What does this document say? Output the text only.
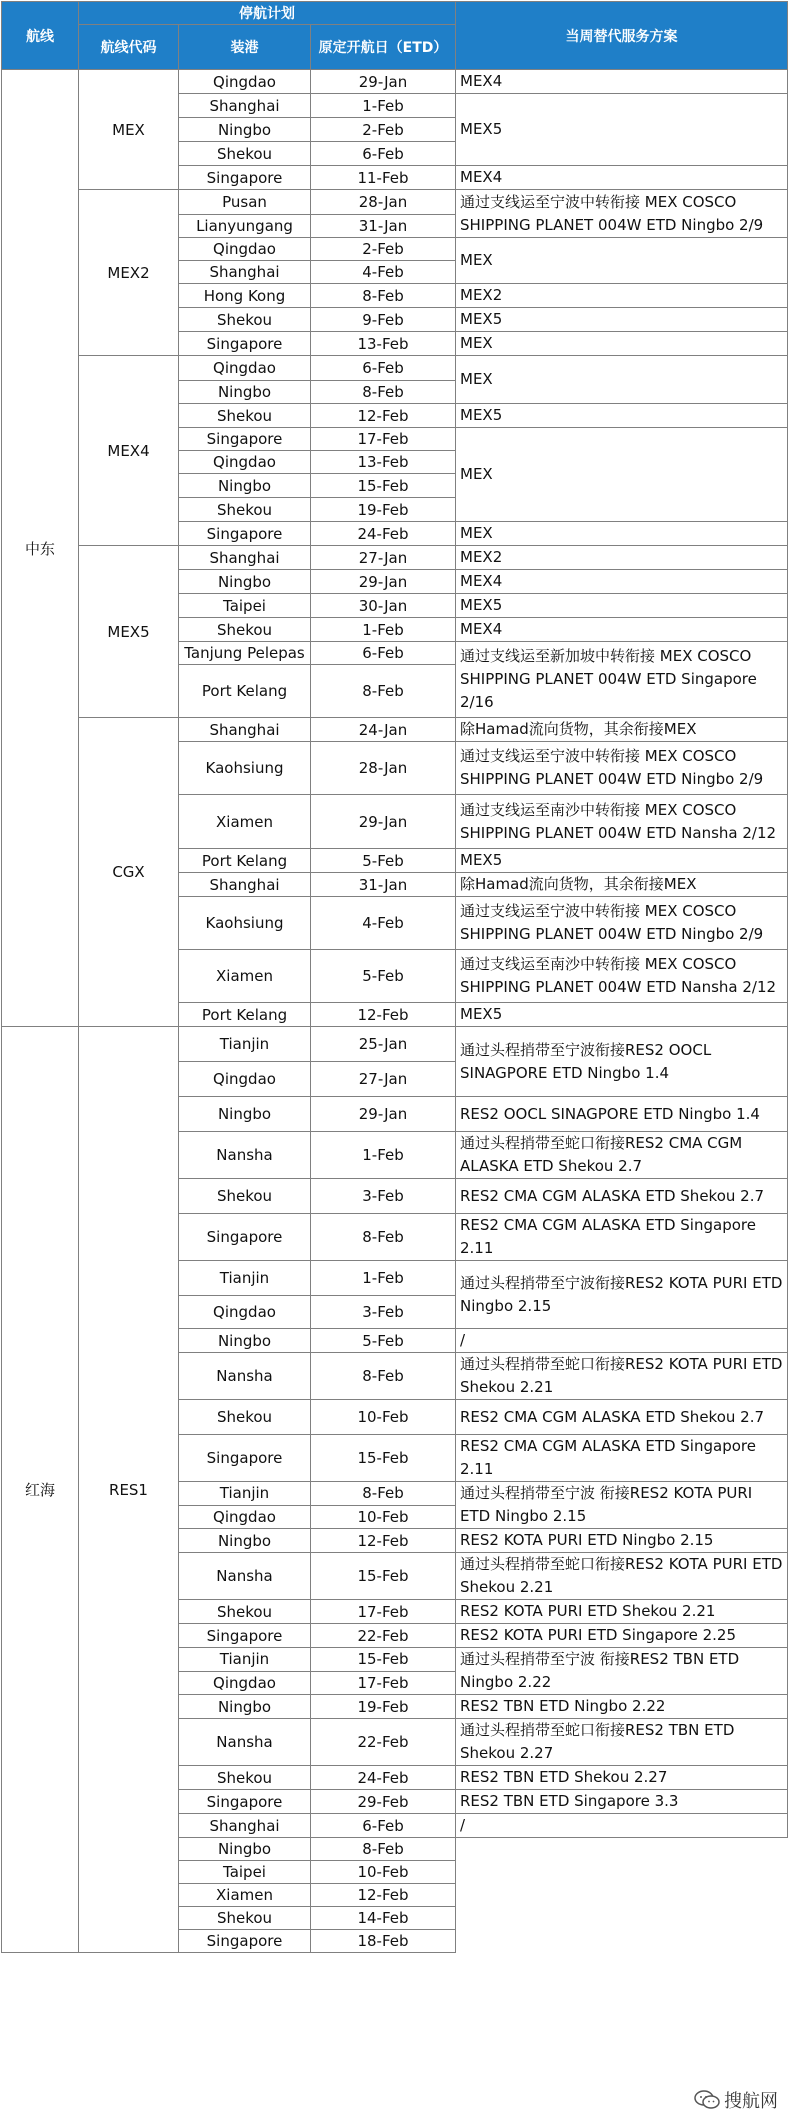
航线	停航计划			当周替代服务方案	
	航线代码	装港	原定开航日（ETD）		
中东	MEX	Qingdao	29-Jan	MEX4	
		Shanghai	1-Feb	MEX5	
		Ningbo	2-Feb		
		Shekou	6-Feb		
		Singapore	11-Feb	MEX4	
	MEX2	Pusan	28-Jan	通过支线运至宁波中转衔接 MEX COSCO SHIPPING PLANET 004W ETD Ningbo 2/9	
		Lianyungang	31-Jan		
		Qingdao	2-Feb	MEX	
		Shanghai	4-Feb		
		Hong Kong	8-Feb	MEX2	
		Shekou	9-Feb	MEX5	
		Singapore	13-Feb	MEX	
	MEX4	Qingdao	6-Feb	MEX	
		Ningbo	8-Feb		
		Shekou	12-Feb	MEX5	
		Singapore	17-Feb	MEX	
		Qingdao	13-Feb		
		Ningbo	15-Feb		
		Shekou	19-Feb	
		Singapore	24-Feb	MEX	
	MEX5	Shanghai	27-Jan	MEX2	
		Ningbo	29-Jan	MEX4	
		Taipei	30-Jan	MEX5	
		Shekou	1-Feb	MEX4	
		Tanjung Pelepas	6-Feb	通过支线运至新加坡中转衔接 MEX COSCO SHIPPING PLANET 004W ETD Singapore 2/16	
		Port Kelang	8-Feb		
	CGX	Shanghai	24-Jan	除Hamad流向货物，其余衔接MEX	
		Kaohsiung	28-Jan	通过支线运至宁波中转衔接 MEX COSCO SHIPPING PLANET 004W ETD Ningbo 2/9	
		Xiamen	29-Jan	通过支线运至南沙中转衔接 MEX COSCO SHIPPING PLANET 004W ETD Nansha 2/12	
		Port Kelang	5-Feb	MEX5	
		Shanghai	31-Jan	除Hamad流向货物，其余衔接MEX	
		Kaohsiung	4-Feb	通过支线运至宁波中转衔接 MEX COSCO SHIPPING PLANET 004W ETD Ningbo 2/9	
		Xiamen	5-Feb	通过支线运至南沙中转衔接 MEX COSCO SHIPPING PLANET 004W ETD Nansha 2/12	
		Port Kelang	12-Feb	MEX5	
红海	RES1	Tianjin	25-Jan	通过头程捎带至宁波衔接RES2 OOCL SINAGPORE ETD Ningbo 1.4	
		Qingdao	27-Jan		
		Ningbo	29-Jan	RES2 OOCL SINAGPORE ETD Ningbo 1.4	
		Nansha	1-Feb	通过头程捎带至蛇口衔接RES2 CMA CGM ALASKA ETD Shekou 2.7	
		Shekou	3-Feb	RES2 CMA CGM ALASKA ETD Shekou 2.7	
		Singapore	8-Feb	RES2 CMA CGM ALASKA ETD Singapore 2.11	
		Tianjin	1-Feb	通过头程捎带至宁波衔接RES2 KOTA PURI ETD Ningbo 2.15	
		Qingdao	3-Feb		
		Ningbo	5-Feb	/	
		Nansha	8-Feb	通过头程捎带至蛇口衔接RES2 KOTA PURI ETD Shekou 2.21	
		Shekou	10-Feb	RES2 CMA CGM ALASKA ETD Shekou 2.7	
		Singapore	15-Feb	RES2 CMA CGM ALASKA ETD Singapore 2.11	
		Tianjin	8-Feb	通过头程捎带至宁波 衔接RES2 KOTA PURI ETD Ningbo 2.15	
		Qingdao	10-Feb		
		Ningbo	12-Feb	RES2 KOTA PURI ETD Ningbo 2.15	
		Nansha	15-Feb	通过头程捎带至蛇口衔接RES2 KOTA PURI ETD Shekou 2.21	
		Shekou	17-Feb	RES2 KOTA PURI ETD Shekou 2.21	
		Singapore	22-Feb	RES2 KOTA PURI ETD Singapore 2.25	
		Tianjin	15-Feb	通过头程捎带至宁波 衔接RES2 TBN ETD Ningbo 2.22	
		Qingdao	17-Feb		
		Ningbo	19-Feb	RES2 TBN ETD Ningbo 2.22	
		Nansha	22-Feb	通过头程捎带至蛇口衔接RES2 TBN ETD Shekou 2.27	
		Shekou	24-Feb	RES2 TBN ETD Shekou 2.27	
		Singapore	29-Feb	RES2 TBN ETD Singapore 3.3	
		Shanghai	6-Feb	/	
		Ningbo	8-Feb		
		Taipei	10-Feb		
		Xiamen	12-Feb		
		Shekou	14-Feb		
		Singapore	18-Feb		
搜航网
